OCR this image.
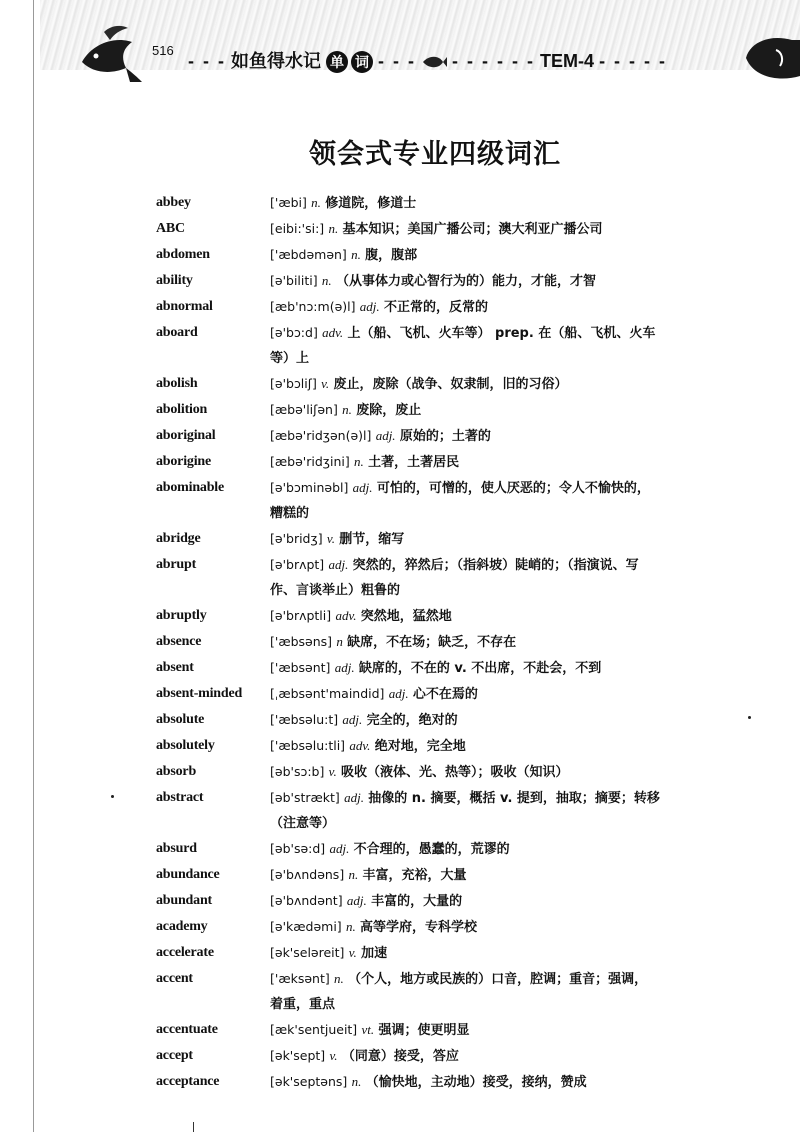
516
- - - 如鱼得水记 单 词 - - - - - - - - - TEM-4 - - - - -
领会式专业四级词汇
abbey	['æbi] n. 修道院，修道士
ABC	[eibi:'si:] n. 基本知识；美国广播公司；澳大利亚广播公司
abdomen	['æbdəmən] n. 腹，腹部
ability	[ə'biliti] n. （从事体力或心智行为的）能力，才能，才智
abnormal	[æb'nɔ:m(ə)l] adj. 不正常的，反常的
aboard	[ə'bɔ:d] adv. 上（船、飞机、火车等） prep. 在（船、飞机、火车
等）上
abolish	[ə'bɔliʃ] v. 废止，废除（战争、奴隶制，旧的习俗）
abolition	[æbə'liʃən] n. 废除，废止
aboriginal	[æbə'ridʒən(ə)l] adj. 原始的；土著的
aborigine	[æbə'ridʒini] n. 土著，土著居民
abominable	[ə'bɔminəbl] adj. 可怕的，可憎的，使人厌恶的；令人不愉快的，
糟糕的
abridge	[ə'bridʒ] v. 删节，缩写
abrupt	[ə'brʌpt] adj. 突然的，猝然后；（指斜坡）陡峭的；（指演说、写
作、言谈举止）粗鲁的
abruptly	[ə'brʌptli] adv. 突然地，猛然地
absence	['æbsəns] n 缺席，不在场；缺乏，不存在
absent	['æbsənt] adj. 缺席的，不在的 v. 不出席，不赴会，不到
absent-minded	[ˌæbsənt'maindid] adj. 心不在焉的
absolute	['æbsəlu:t] adj. 完全的，绝对的
absolutely	['æbsəlu:tli] adv. 绝对地，完全地
absorb	[əb'sɔ:b] v. 吸收（液体、光、热等）；吸收（知识）
abstract	[əb'strækt] adj. 抽像的 n. 摘要，概括 v. 提到，抽取；摘要；转移
（注意等）
absurd	[əb'sə:d] adj. 不合理的，愚蠢的，荒谬的
abundance	[ə'bʌndəns] n. 丰富，充裕，大量
abundant	[ə'bʌndənt] adj. 丰富的，大量的
academy	[ə'kædəmi] n. 高等学府，专科学校
accelerate	[ək'seləreit] v. 加速
accent	['æksənt] n. （个人，地方或民族的）口音，腔调；重音；强调，
着重，重点
accentuate	[æk'sentjueit] vt. 强调；使更明显
accept	[ək'sept] v. （同意）接受，答应
acceptance	[ək'septəns] n. （愉快地，主动地）接受，接纳，赞成
